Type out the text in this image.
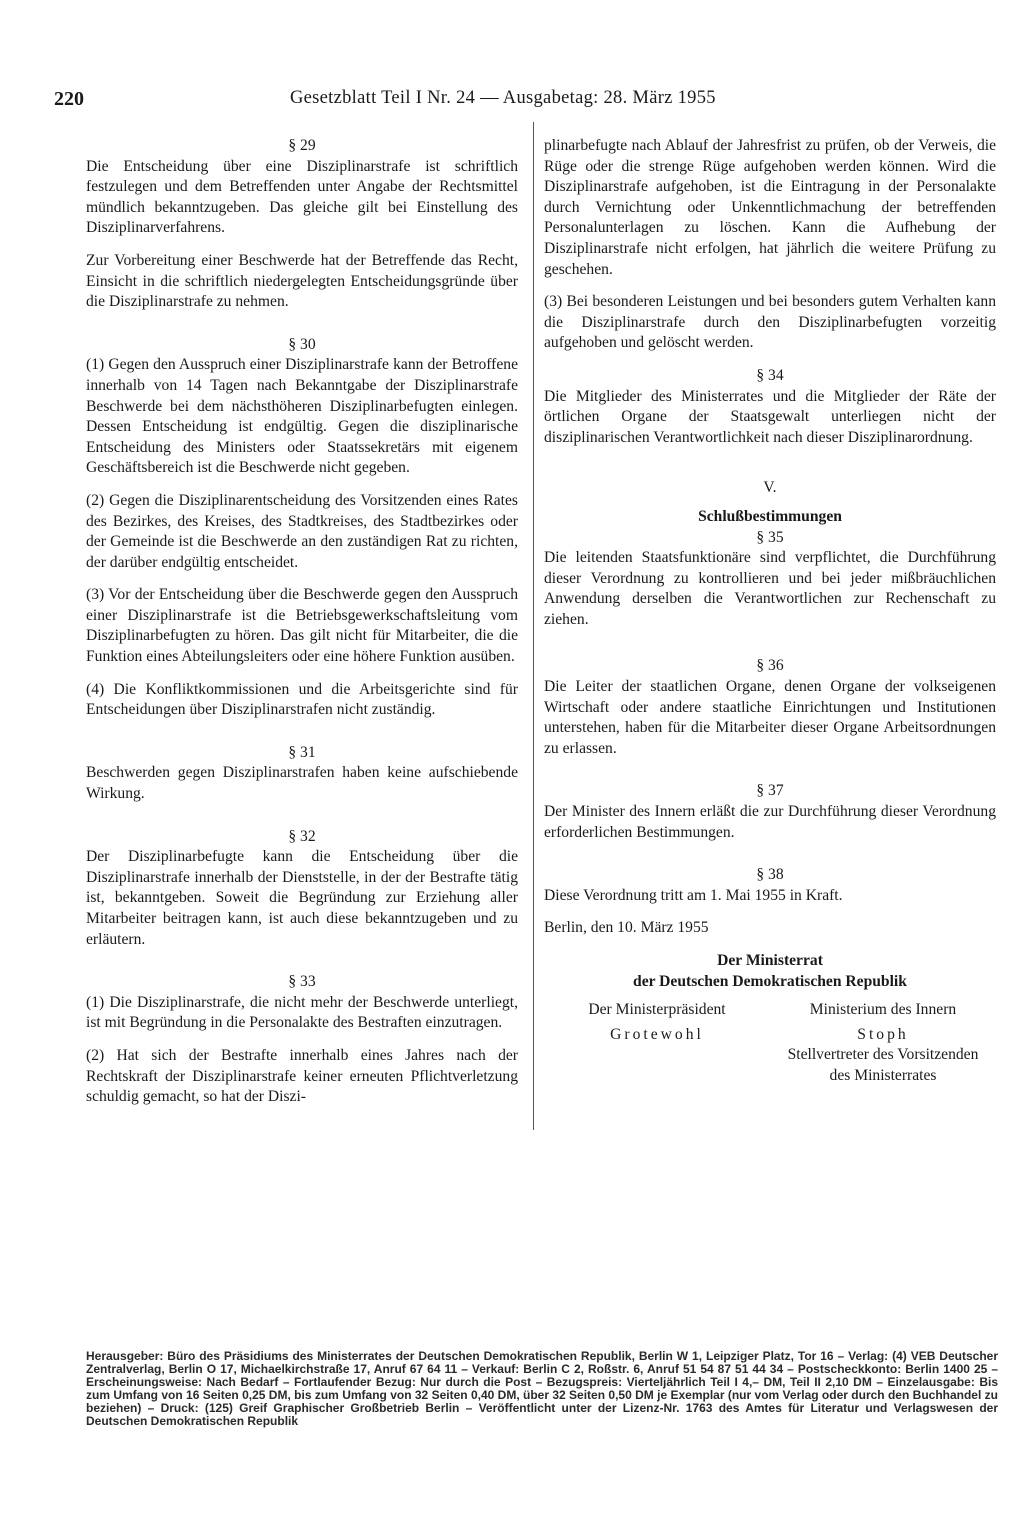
220	Gesetzblatt Teil I Nr. 24 — Ausgabetag: 28. März 1955
§ 29

Die Entscheidung über eine Disziplinarstrafe ist schriftlich festzulegen und dem Betreffenden unter Angabe der Rechtsmittel mündlich bekanntzugeben. Das gleiche gilt bei Einstellung des Disziplinarverfahrens.

Zur Vorbereitung einer Beschwerde hat der Betreffende das Recht, Einsicht in die schriftlich niedergelegten Entscheidungsgründe über die Disziplinarstrafe zu nehmen.

§ 30

(1) Gegen den Ausspruch einer Disziplinarstrafe kann der Betroffene innerhalb von 14 Tagen nach Bekanntgabe der Disziplinarstrafe Beschwerde bei dem nächsthöheren Disziplinarbefugten einlegen. Dessen Entscheidung ist endgültig. Gegen die disziplinarische Entscheidung des Ministers oder Staatssekretärs mit eigenem Geschäftsbereich ist die Beschwerde nicht gegeben.

(2) Gegen die Disziplinarentscheidung des Vorsitzenden eines Rates des Bezirkes, des Kreises, des Stadtkreises, des Stadtbezirkes oder der Gemeinde ist die Beschwerde an den zuständigen Rat zu richten, der darüber endgültig entscheidet.

(3) Vor der Entscheidung über die Beschwerde gegen den Ausspruch einer Disziplinarstrafe ist die Betriebsgewerkschaftsleitung vom Disziplinarbefugten zu hören. Das gilt nicht für Mitarbeiter, die die Funktion eines Abteilungsleiters oder eine höhere Funktion ausüben.

(4) Die Konfliktkommissionen und die Arbeitsgerichte sind für Entscheidungen über Disziplinarstrafen nicht zuständig.

§ 31

Beschwerden gegen Disziplinarstrafen haben keine aufschiebende Wirkung.

§ 32

Der Disziplinarbefugte kann die Entscheidung über die Disziplinarstrafe innerhalb der Dienststelle, in der der Bestrafte tätig ist, bekanntgeben. Soweit die Begründung zur Erziehung aller Mitarbeiter beitragen kann, ist auch diese bekanntzugeben und zu erläutern.

§ 33

(1) Die Disziplinarstrafe, die nicht mehr der Beschwerde unterliegt, ist mit Begründung in die Personalakte des Bestraften einzutragen.

(2) Hat sich der Bestrafte innerhalb eines Jahres nach der Rechtskraft der Disziplinarstrafe keiner erneuten Pflichtverletzung schuldig gemacht, so hat der Diszi-

plinarbefugte nach Ablauf der Jahresfrist zu prüfen, ob der Verweis, die Rüge oder die strenge Rüge aufgehoben werden können. Wird die Disziplinarstrafe aufgehoben, ist die Eintragung in der Personalakte durch Vernichtung oder Unkenntlichmachung der betreffenden Personalunterlagen zu löschen. Kann die Aufhebung der Disziplinarstrafe nicht erfolgen, hat jährlich die weitere Prüfung zu geschehen.

(3) Bei besonderen Leistungen und bei besonders gutem Verhalten kann die Disziplinarstrafe durch den Disziplinarbefugten vorzeitig aufgehoben und gelöscht werden.

§ 34

Die Mitglieder des Ministerrates und die Mitglieder der Räte der örtlichen Organe der Staatsgewalt unterliegen nicht der disziplinarischen Verantwortlichkeit nach dieser Disziplinarordnung.

V.
Schlußbestimmungen
§ 35

Die leitenden Staatsfunktionäre sind verpflichtet, die Durchführung dieser Verordnung zu kontrollieren und bei jeder mißbräuchlichen Anwendung derselben die Verantwortlichen zur Rechenschaft zu ziehen.

§ 36

Die Leiter der staatlichen Organe, denen Organe der volkseigenen Wirtschaft oder andere staatliche Einrichtungen und Institutionen unterstehen, haben für die Mitarbeiter dieser Organe Arbeitsordnungen zu erlassen.

§ 37

Der Minister des Innern erläßt die zur Durchführung dieser Verordnung erforderlichen Bestimmungen.

§ 38

Diese Verordnung tritt am 1. Mai 1955 in Kraft.

Berlin, den 10. März 1955

Der Ministerrat
der Deutschen Demokratischen Republik
Der Ministerpräsident
Grotewohl
Ministerium des Innern
Stoph
Stellvertreter des Vorsitzenden
des Ministerrates
Herausgeber: Büro des Präsidiums des Ministerrates der Deutschen Demokratischen Republik, Berlin W 1, Leipziger Platz, Tor 16 – Verlag: (4) VEB Deutscher Zentralverlag, Berlin O 17, Michaelkirchstraße 17, Anruf 67 64 11 – Verkauf: Berlin C 2, Roßstr. 6, Anruf 51 54 87 51 44 34 – Postscheckkonto: Berlin 1400 25 – Erscheinungsweise: Nach Bedarf – Fortlaufender Bezug: Nur durch die Post – Bezugspreis: Vierteljährlich Teil I 4,– DM, Teil II 2,10 DM – Einzelausgabe: Bis zum Umfang von 16 Seiten 0,25 DM, bis zum Umfang von 32 Seiten 0,40 DM, über 32 Seiten 0,50 DM je Exemplar (nur vom Verlag oder durch den Buchhandel zu beziehen) – Druck: (125) Greif Graphischer Großbetrieb Berlin – Veröffentlicht unter der Lizenz-Nr. 1763 des Amtes für Literatur und Verlagswesen der Deutschen Demokratischen Republik
